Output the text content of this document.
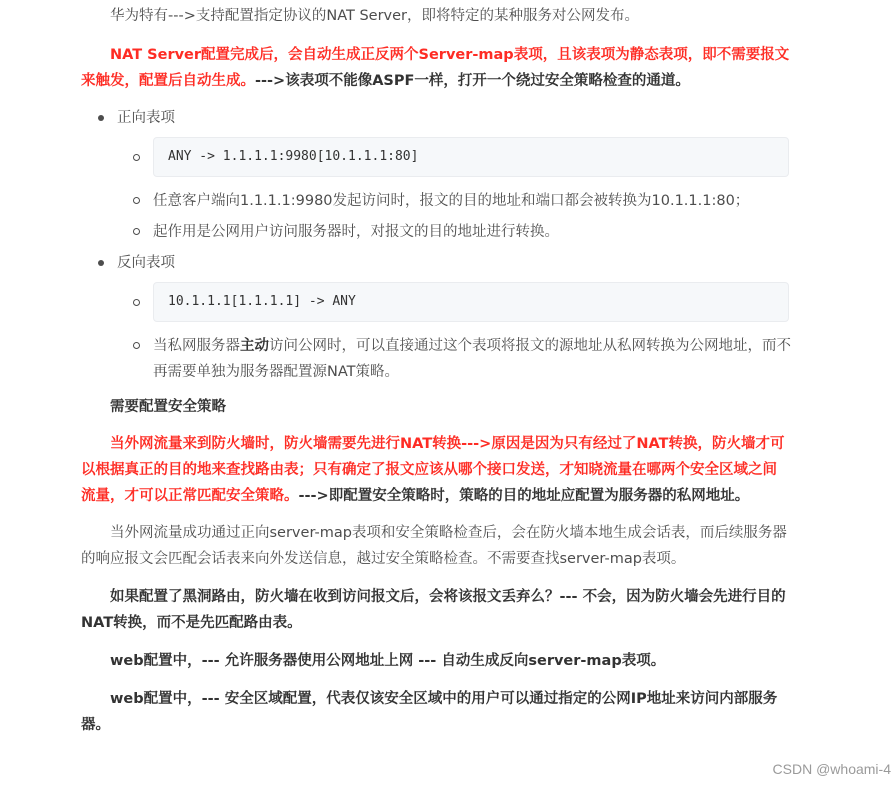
华为特有--->支持配置指定协议的NAT Server，即将特定的某种服务对公网发布。

NAT Server配置完成后，会自动生成正反两个Server-map表项，且该表项为静态表项，即不需要报文来触发，配置后自动生成。--->该表项不能像ASPF一样，打开一个绕过安全策略检查的通道。

正向表项
ANY -> 1.1.1.1:9980[10.1.1.1:80]
任意客户端向1.1.1.1:9980发起访问时，报文的目的地址和端口都会被转换为10.1.1.1:80；
起作用是公网用户访问服务器时，对报文的目的地址进行转换。
反向表项
10.1.1.1[1.1.1.1] -> ANY
当私网服务器主动访问公网时，可以直接通过这个表项将报文的源地址从私网转换为公网地址，而不再需要单独为服务器配置源NAT策略。

需要配置安全策略

当外网流量来到防火墙时，防火墙需要先进行NAT转换--->原因是因为只有经过了NAT转换，防火墙才可以根据真正的目的地来查找路由表；只有确定了报文应该从哪个接口发送，才知晓流量在哪两个安全区域之间流量，才可以正常匹配安全策略。--->即配置安全策略时，策略的目的地址应配置为服务器的私网地址。

当外网流量成功通过正向server-map表项和安全策略检查后，会在防火墙本地生成会话表，而后续服务器的响应报文会匹配会话表来向外发送信息，越过安全策略检查。不需要查找server-map表项。

如果配置了黑洞路由，防火墙在收到访问报文后，会将该报文丢弃么？--- 不会，因为防火墙会先进行目的NAT转换，而不是先匹配路由表。

web配置中，--- 允许服务器使用公网地址上网 --- 自动生成反向server-map表项。

web配置中，--- 安全区域配置，代表仅该安全区域中的用户可以通过指定的公网IP地址来访问内部服务器。

CSDN @whoami-4
